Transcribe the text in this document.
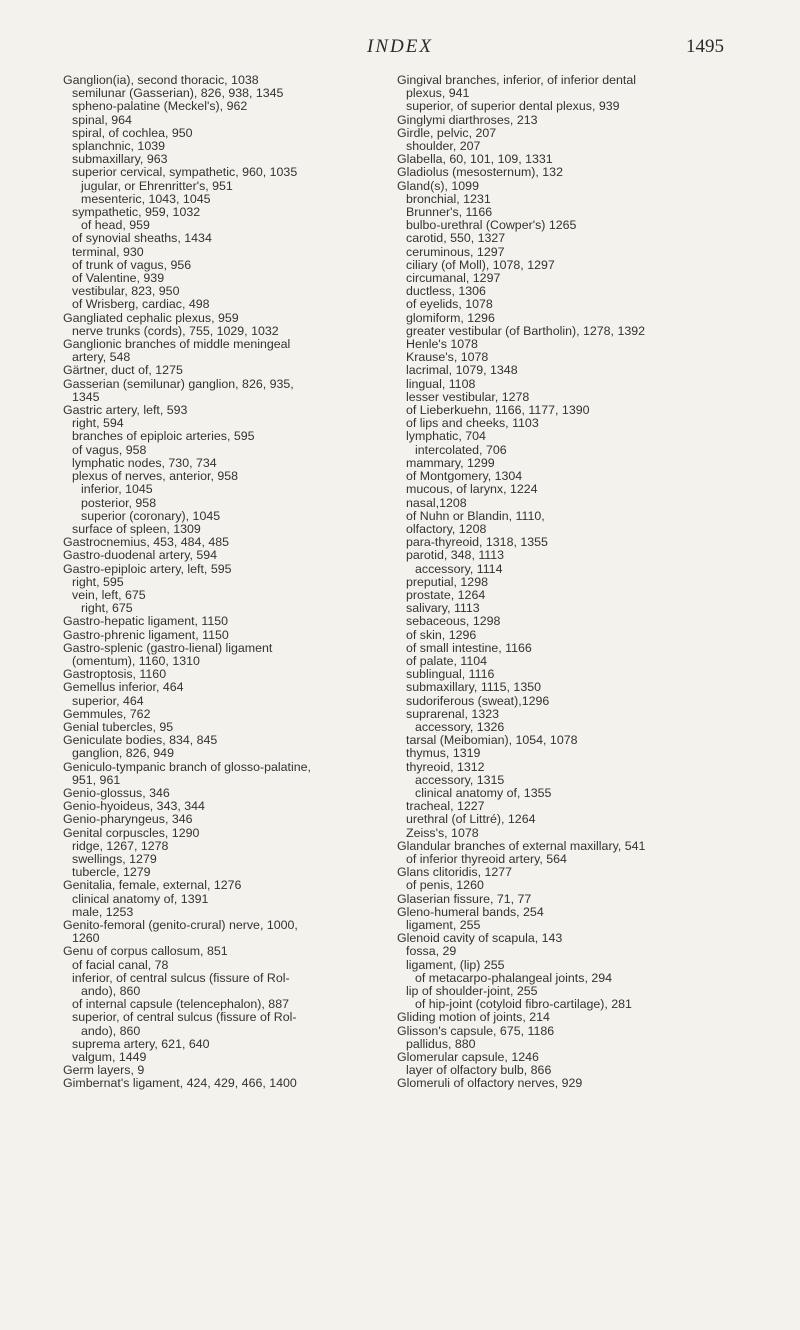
INDEX	1495
Ganglion(ia), second thoracic, 1038
semilunar (Gasserian), 826, 938, 1345
spheno-palatine (Meckel's), 962
spinal, 964
spiral, of cochlea, 950
splanchnic, 1039
submaxillary, 963
superior cervical, sympathetic, 960, 1035
jugular, or Ehrenritter's, 951
mesenteric, 1043, 1045
sympathetic, 959, 1032
of head, 959
of synovial sheaths, 1434
terminal, 930
of trunk of vagus, 956
of Valentine, 939
vestibular, 823, 950
of Wrisberg, cardiac, 498
Gangliated cephalic plexus, 959
nerve trunks (cords), 755, 1029, 1032
Ganglionic branches of middle meningeal
artery, 548
Gärtner, duct of, 1275
Gasserian (semilunar) ganglion, 826, 935,
1345
Gastric artery, left, 593
right, 594
branches of epiploic arteries, 595
of vagus, 958
lymphatic nodes, 730, 734
plexus of nerves, anterior, 958
inferior, 1045
posterior, 958
superior (coronary), 1045
surface of spleen, 1309
Gastrocnemius, 453, 484, 485
Gastro-duodenal artery, 594
Gastro-epiploic artery, left, 595
right, 595
vein, left, 675
right, 675
Gastro-hepatic ligament, 1150
Gastro-phrenic ligament, 1150
Gastro-splenic (gastro-lienal) ligament
(omentum), 1160, 1310
Gastroptosis, 1160
Gemellus inferior, 464
superior, 464
Gemmules, 762
Genial tubercles, 95
Geniculate bodies, 834, 845
ganglion, 826, 949
Geniculo-tympanic branch of glosso-palatine,
951, 961
Genio-glossus, 346
Genio-hyoideus, 343, 344
Genio-pharyngeus, 346
Genital corpuscles, 1290
ridge, 1267, 1278
swellings, 1279
tubercle, 1279
Genitalia, female, external, 1276
clinical anatomy of, 1391
male, 1253
Genito-femoral (genito-crural) nerve, 1000,
1260
Genu of corpus callosum, 851
of facial canal, 78
inferior, of central sulcus (fissure of Rol-
ando), 860
of internal capsule (telencephalon), 887
superior, of central sulcus (fissure of Rol-
ando), 860
suprema artery, 621, 640
valgum, 1449
Germ layers, 9
Gimbernat's ligament, 424, 429, 466, 1400
Gingival branches, inferior, of inferior dental
plexus, 941
superior, of superior dental plexus, 939
Ginglymi diarthroses, 213
Girdle, pelvic, 207
shoulder, 207
Glabella, 60, 101, 109, 1331
Gladiolus (mesosternum), 132
Gland(s), 1099
bronchial, 1231
Brunner's, 1166
bulbo-urethral (Cowper's) 1265
carotid, 550, 1327
ceruminous, 1297
ciliary (of Moll), 1078, 1297
circumanal, 1297
ductless, 1306
of eyelids, 1078
glomiform, 1296
greater vestibular (of Bartholin), 1278, 1392
Henle's 1078
Krause's, 1078
lacrimal, 1079, 1348
lingual, 1108
lesser vestibular, 1278
of Lieberkuehn, 1166, 1177, 1390
of lips and cheeks, 1103
lymphatic, 704
intercolated, 706
mammary, 1299
of Montgomery, 1304
mucous, of larynx, 1224
nasal,1208
of Nuhn or Blandin, 1110,
olfactory, 1208
para-thyreoid, 1318, 1355
parotid, 348, 1113
accessory, 1114
preputial, 1298
prostate, 1264
salivary, 1113
sebaceous, 1298
of skin, 1296
of small intestine, 1166
of palate, 1104
sublingual, 1116
submaxillary, 1115, 1350
sudoriferous (sweat),1296
suprarenal, 1323
accessory, 1326
tarsal (Meibomian), 1054, 1078
thymus, 1319
thyreoid, 1312
accessory, 1315
clinical anatomy of, 1355
tracheal, 1227
urethral (of Littré), 1264
Zeiss's, 1078
Glandular branches of external maxillary, 541
of inferior thyreoid artery, 564
Glans clitoridis, 1277
of penis, 1260
Glaserian fissure, 71, 77
Gleno-humeral bands, 254
ligament, 255
Glenoid cavity of scapula, 143
fossa, 29
ligament, (lip) 255
of metacarpo-phalangeal joints, 294
lip of shoulder-joint, 255
of hip-joint (cotyloid fibro-cartilage), 281
Gliding motion of joints, 214
Glisson's capsule, 675, 1186
pallidus, 880
Glomerular capsule, 1246
layer of olfactory bulb, 866
Glomeruli of olfactory nerves, 929
